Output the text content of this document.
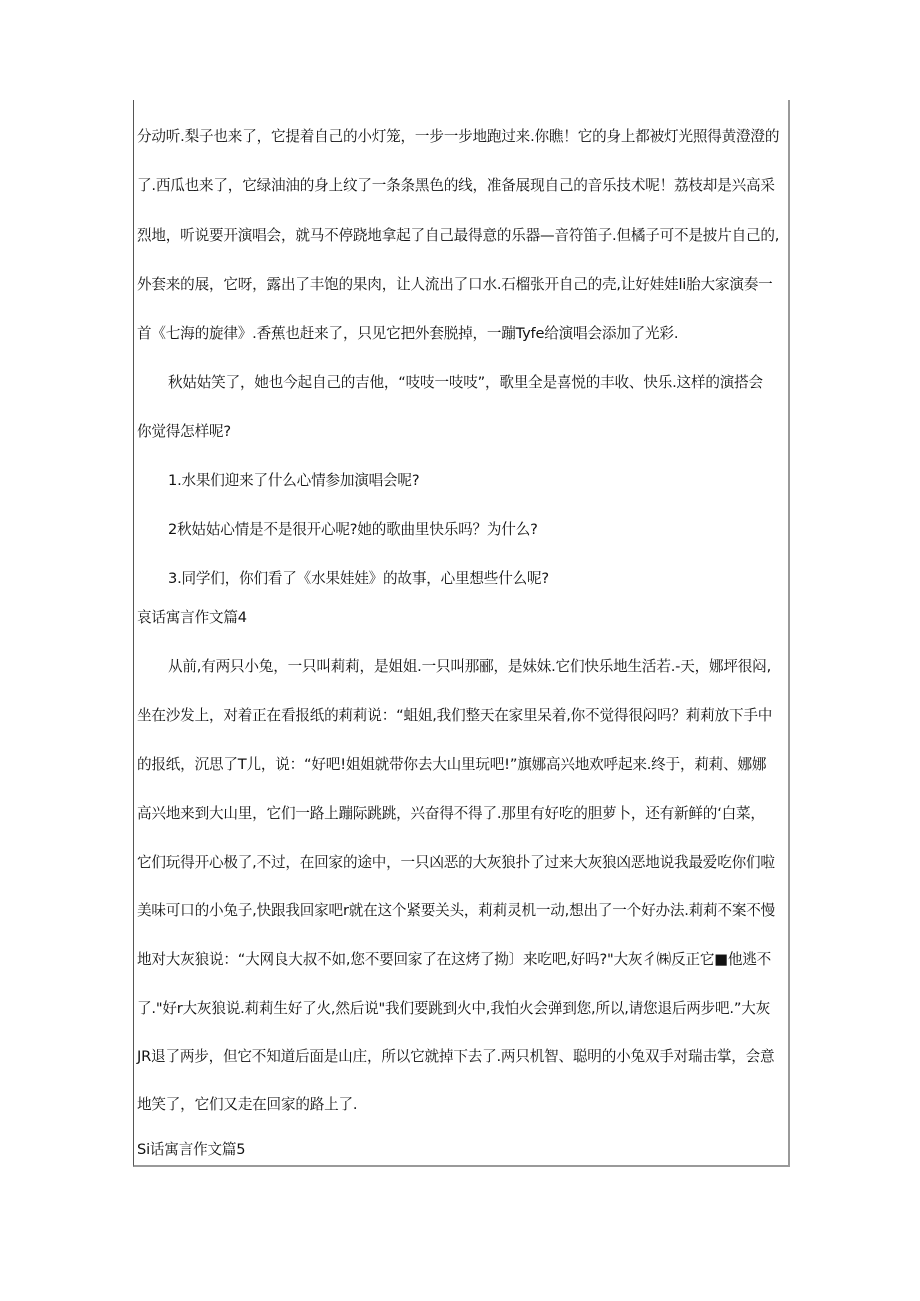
分动听.梨子也来了，它提着自己的小灯笼，一步一步地跑过来.你瞧！它的身上都被灯光照得黄澄澄的
了.西瓜也来了，它绿油油的身上纹了一条条黑色的线，准备展现自己的音乐技术呢！荔枝却是兴高采
烈地，听说要开演唱会，就马不停跷地拿起了自己最得意的乐器—音符笛子.但橘子可不是披片自己的,
外套来的展，它呀，露出了丰饱的果肉，让人流出了口水.石榴张开自己的壳,让好娃娃li胎大家演奏一
首《七海的旋律》.香蕉也赶来了，只见它把外套脱掉，一蹦Tyfe给演唱会添加了光彩.
秋姑姑笑了，她也今起自己的吉他，“吱吱一吱吱”，歌里全是喜悦的丰收、快乐.这样的演搭会
你觉得怎样呢?
1.水果们迎来了什么心情参加演唱会呢?
2秋姑姑心情是不是很开心呢?她的歌曲里快乐吗？为什么?
3.同学们，你们看了《水果娃娃》的故事，心里想些什么呢?
哀话寓言作文篇4
从前,有两只小兔，一只叫莉莉，是姐姐.一只叫那郦，是妹妹.它们快乐地生活若.-天，娜坪很闷,
坐在沙发上，对着正在看报纸的莉莉说：“蛆姐,我们整天在家里呆着,你不觉得很闷吗？莉莉放下手中
的报纸，沉思了T儿，说：“好吧!姐姐就带你去大山里玩吧!”旗娜高兴地欢呼起来.终于，莉莉、娜娜
高兴地来到大山里，它们一路上蹦际跳跳，兴奋得不得了.那里有好吃的胆萝卜，还有新鲜的‘白菜，
它们玩得开心极了,不过，在回家的途中，一只凶恶的大灰狼扑了过来大灰狼凶恶地说我最爱吃你们啦
美味可口的小兔子,快跟我回家吧r就在这个紧要关头，莉莉灵机一动,想出了一个好办法.莉莉不案不慢
地对大灰狼说：“大网良大叔不如,您不要回家了在这烤了拗〕来吃吧,好吗?"大灰彳㈱反正它■他逃不
了."好r大灰狼说.莉莉生好了火,然后说"我们要跳到火中,我怕火会弹到您,所以,请您退后两步吧.”大灰
JR退了两步，但它不知道后面是山庄，所以它就掉下去了.两只机智、聪明的小兔双手对瑞击掌，会意
地笑了，它们又走在回家的路上了.
Si话寓言作文篇5
